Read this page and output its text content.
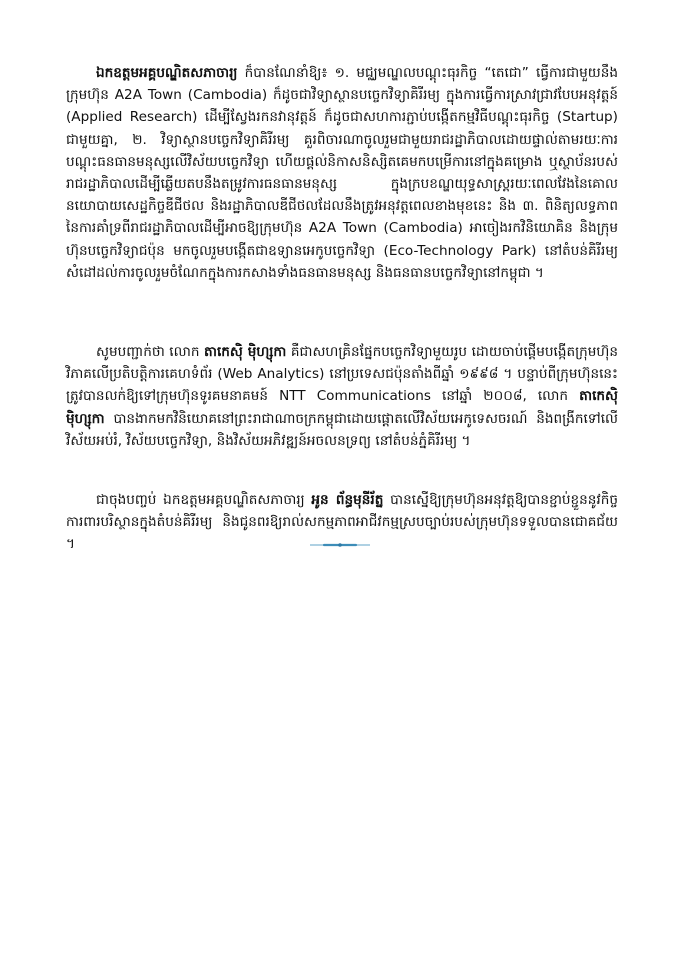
ឯកឧត្តមអគ្គបណ្ឌិតសភាចារ្យ ក៏បានណែនាំឱ្យ៖ ១. មជ្ឈមណ្ឌលបណ្តុះធុរកិច្ច “តេជោ” ធ្វើការជាមួយនឹងក្រុមហ៊ុន A2A Town (Cambodia) ក៏ដូចជាវិទ្យាស្ថានបច្ចេកវិទ្យាគិរីរម្យ ក្នុងការធ្វើការស្រាវជ្រាវបែបអនុវត្តន៍ (Applied Research) ដើម្បីស្វែងរកនវានុវត្តន៍ ក៏ដូចជាសហការភ្ជាប់បង្កើតកម្មវិធីបណ្តុះធុរកិច្ច (Startup) ជាមួយគ្នា, ២. វិទ្យាស្ថានបច្ចេកវិទ្យាគិរីរម្យ គួរពិចារណាចូលរួមជាមួយរាជរដ្ឋាភិបាលដោយផ្ទាល់តាមរយៈការបណ្តុះធនធានមនុស្សលើវិស័យបច្ចេកវិទ្យា ហើយផ្តល់និកាសនិស្សិតគេមកបម្រើការនៅក្នុងគម្រោង ឬស្ថាប័នរបស់រាជរដ្ឋាភិបាលដើម្បីឆ្លើយតបនឹងតម្រូវការធនធានមនុស្ស ក្នុងក្របខណ្ឌយុទ្ធសាស្ត្ររយៈពេលវែងនៃគោលនយោបាយសេដ្ឋកិច្ចឌីជីថល និងរដ្ឋាភិបាលឌីជីថលដែលនឹងត្រូវអនុវត្តពេលខាងមុខនេះ និង ៣. ពិនិត្យលទ្ធភាពនៃការគាំទ្រពីរាជរដ្ឋាភិបាលដើម្បីអាចឱ្យក្រុមហ៊ុន A2A Town (Cambodia) អាចៀងរកវិនិយោគិន និងក្រុមហ៊ុនបច្ចេកវិទ្យាជប៉ុន មកចូលរួមបង្កើតជាឧទ្យានអេកូបច្ចេកវិទ្យា (Eco-Technology Park) នៅតំបន់គិរីរម្យ សំដៅដល់ការចូលរួមចំណែកក្នុងការកសាងទាំងធនធានមនុស្ស និងធនធានបច្ចេកវិទ្យានៅកម្ពុជា ។

សូមបញ្ជាក់ថា លោក តាកេស៊ិ ម៉ិហ្សុកា គឺជាសហគ្រិនផ្នែកបច្ចេកវិទ្យាមួយរូប ដោយចាប់ផ្តើមបង្កើតក្រុមហ៊ុនវិភាគលើប្រតិបត្តិការគេហទំព័រ (Web Analytics) នៅប្រទេសជប៉ុនតាំងពីឆ្នាំ ១៩៩៨ ។ បន្ទាប់ពីក្រុមហ៊ុននេះត្រូវបានលក់ឱ្យទៅក្រុមហ៊ុនទូរគមនាគមន៍ NTT Communications នៅឆ្នាំ ២០០៨, លោក តាកេស៊ិ ម៉ិហ្សុកា បានងាកមកវិនិយោគនៅព្រះរាជាណាចក្រកម្ពុជាដោយផ្តោតលើវិស័យអេកូទេសចរណ៍ និងពង្រីកទៅលើវិស័យអប់រំ, វិស័យបច្ចេកវិទ្យា, និងវិស័យអភិវឌ្ឍន៍អចលនទ្រព្យ នៅតំបន់ភ្នំគិរីរម្យ ។

ជាចុងបញ្ចប់ ឯកឧត្តមអគ្គបណ្ឌិតសភាចារ្យ អូន ព័ន្ធមុនីរ័ត្ន បានស្នើឱ្យក្រុមហ៊ុនអនុវត្តឱ្យបានខ្ជាប់ខ្ជួននូវកិច្ចការពារបរិស្ថានក្នុងតំបន់គិរីរម្យ និងជូនពរឱ្យរាល់សកម្មភាពអាជីវកម្មស្របច្បាប់របស់ក្រុមហ៊ុនទទួលបានជោគជ័យ ។
